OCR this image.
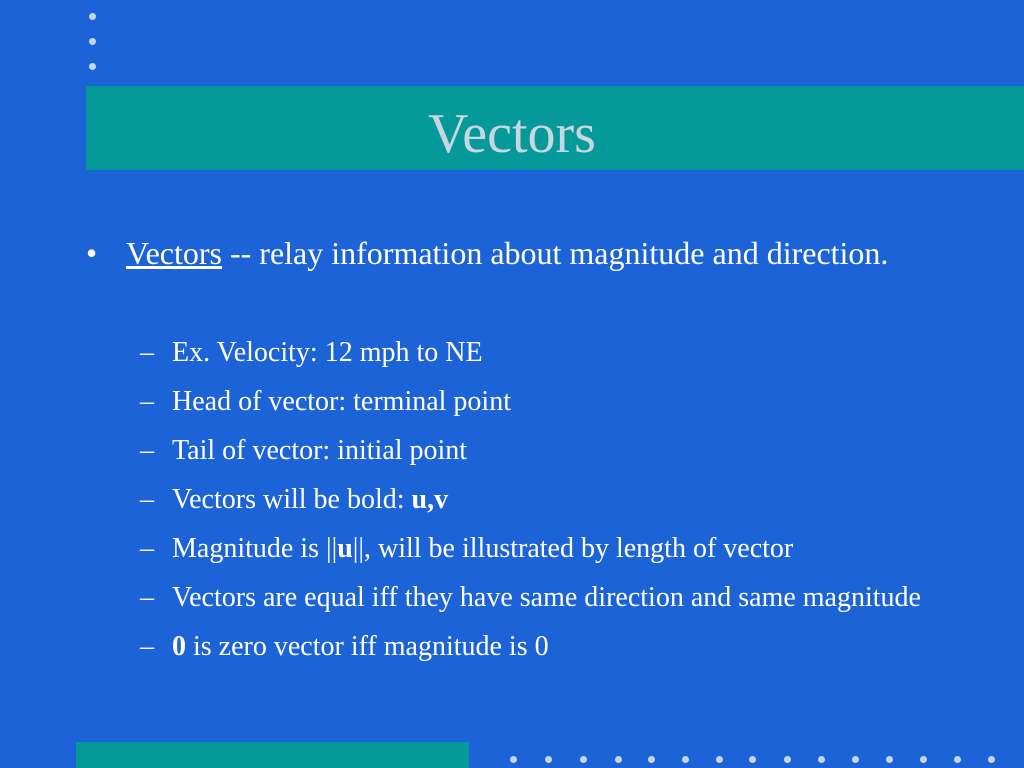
Vectors
• Vectors -- relay information about magnitude and direction.
– Ex. Velocity: 12 mph to NE
– Head of vector: terminal point
– Tail of vector: initial point
– Vectors will be bold: u,v
– Magnitude is ||u||, will be illustrated by length of vector
– Vectors are equal iff they have same direction and same magnitude
– 0 is zero vector iff magnitude is 0
